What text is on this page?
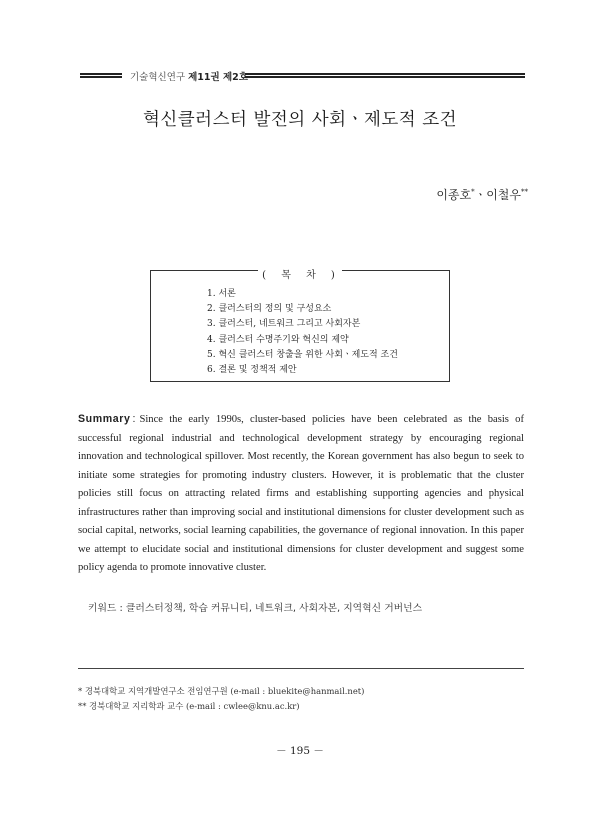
기술혁신연구 제11권 제2호
혁신클러스터 발전의 사회ㆍ제도적 조건
이종호*ㆍ이철우**
( 목 차 )
1. 서론
2. 클러스터의 정의 및 구성요소
3. 클러스터, 네트워크 그리고 사회자본
4. 클러스터 수명주기와 혁신의 제약
5. 혁신 클러스터 창출을 위한 사회ㆍ제도적 조건
6. 결론 및 정책적 제안

Summary : Since the early 1990s, cluster-based policies have been celebrated as the basis of successful regional industrial and technological development strategy by encouraging regional innovation and technological spillover. Most recently, the Korean government has also begun to seek to initiate some strategies for promoting industry clusters. However, it is problematic that the cluster policies still focus on attracting related firms and establishing supporting agencies and physical infrastructures rather than improving social and institutional dimensions for cluster development such as social capital, networks, social learning capabilities, the governance of regional innovation. In this paper we attempt to elucidate social and institutional dimensions for cluster development and suggest some policy agenda to promote innovative cluster.

키워드 : 클러스터정책, 학습 커뮤니티, 네트워크, 사회자본, 지역혁신 거버넌스
* 경북대학교 지역개발연구소 전임연구원 (e-mail : bluekite@hanmail.net)
** 경북대학교 지리학과 교수 (e-mail : cwlee@knu.ac.kr)
－ 195 －
